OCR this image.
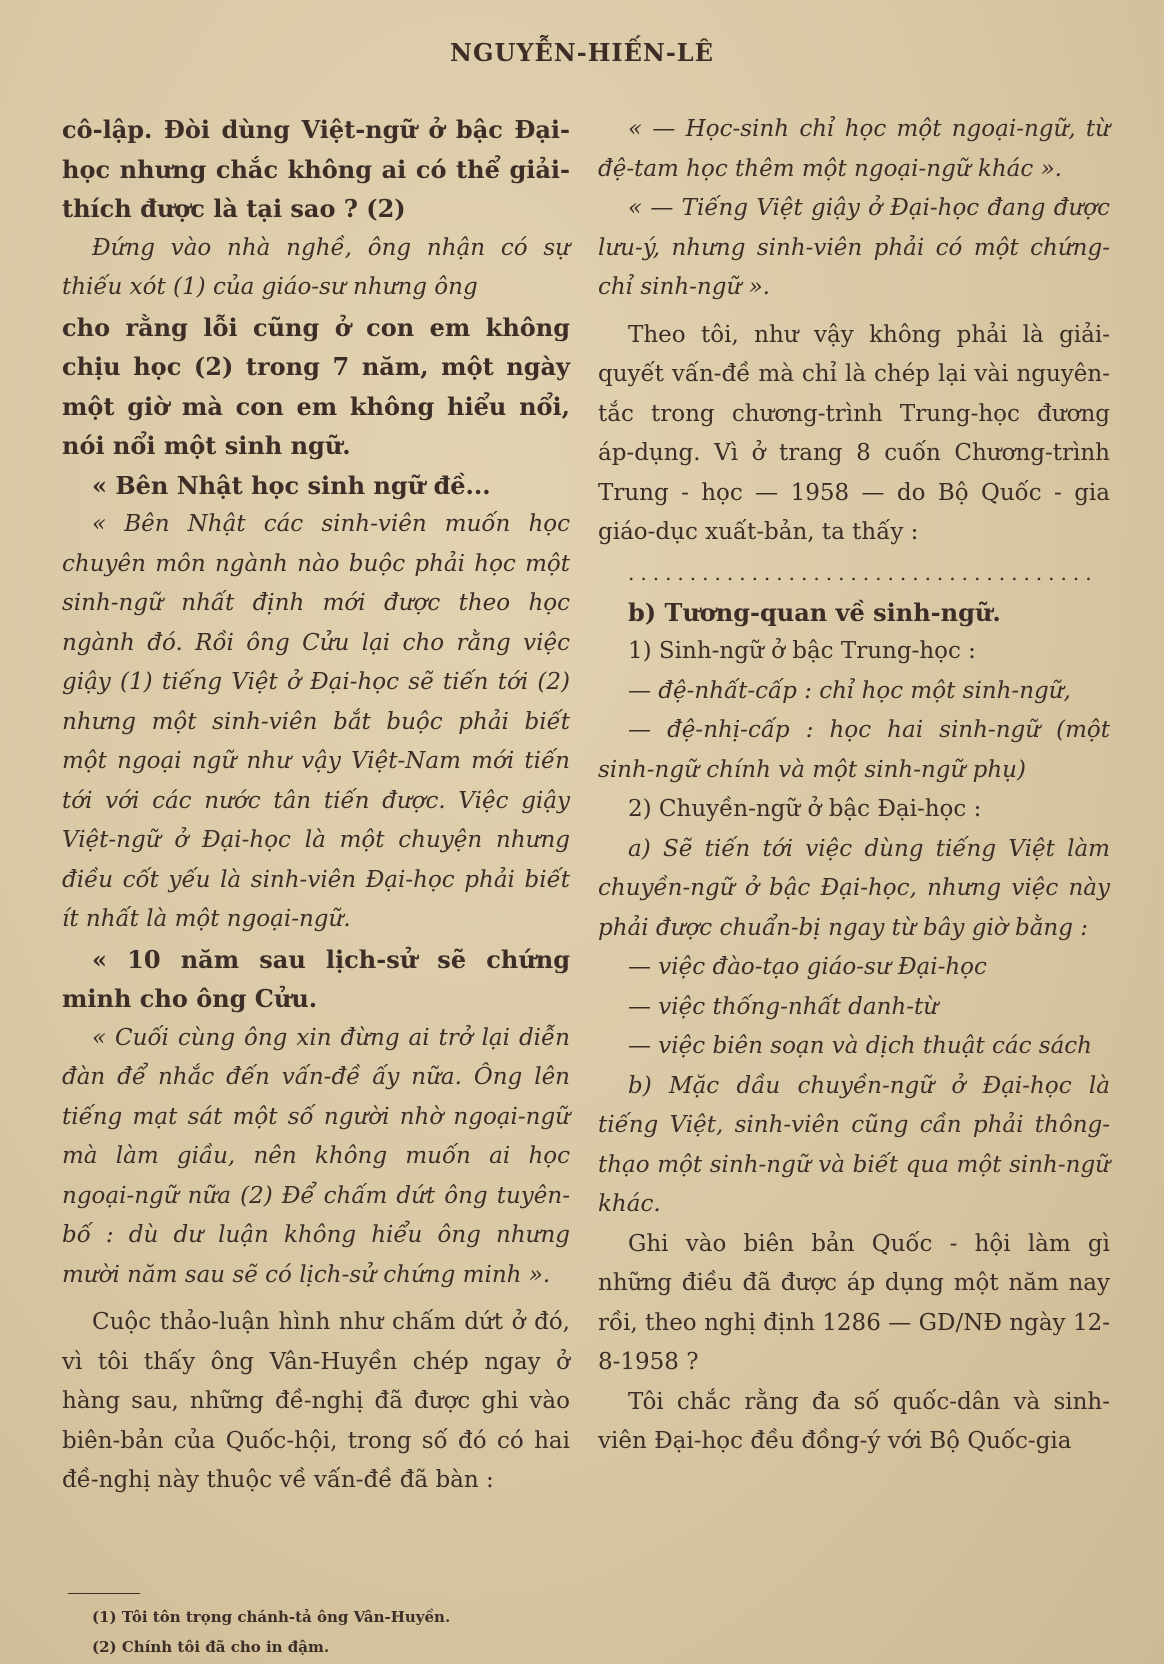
NGUYỄN-HIẾN-LÊ

cô-lập. Đòi dùng Việt-ngữ ở bậc Đại-học nhưng chắc không ai có thể giải-thích được là tại sao ? (2)

Đứng vào nhà nghề, ông nhận có sự thiếu xót (1) của giáo-sư nhưng ông

cho rằng lỗi cũng ở con em không chịu học (2) trong 7 năm, một ngày một giờ mà con em không hiểu nổi, nói nổi một sinh ngữ.

« Bên Nhật học sinh ngữ đề...

« Bên Nhật các sinh-viên muốn học chuyên môn ngành nào buộc phải học một sinh-ngữ nhất định mới được theo học ngành đó. Rồi ông Cửu lại cho rằng việc giậy (1) tiếng Việt ở Đại-học sẽ tiến tới (2) nhưng một sinh-viên bắt buộc phải biết một ngoại ngữ như vậy Việt-Nam mới tiến tới với các nước tân tiến được. Việc giậy Việt-ngữ ở Đại-học là một chuyện nhưng điều cốt yếu là sinh-viên Đại-học phải biết ít nhất là một ngoại-ngữ.

« 10 năm sau lịch-sử sẽ chứng minh cho ông Cửu.

« Cuối cùng ông xin đừng ai trở lại diễn đàn để nhắc đến vấn-đề ấy nữa. Ông lên tiếng mạt sát một số người nhờ ngoại-ngữ mà làm giầu, nên không muốn ai học ngoại-ngữ nữa (2) Để chấm dứt ông tuyên-bố : dù dư luận không hiểu ông nhưng mười năm sau sẽ có lịch-sử chứng minh ».

Cuộc thảo-luận hình như chấm dứt ở đó, vì tôi thấy ông Vân-Huyền chép ngay ở hàng sau, những đề-nghị đã được ghi vào biên-bản của Quốc-hội, trong số đó có hai đề-nghị này thuộc về vấn-đề đã bàn :

« — Học-sinh chỉ học một ngoại-ngữ, từ đệ-tam học thêm một ngoại-ngữ khác ».

« — Tiếng Việt giậy ở Đại-học đang được lưu-ý, nhưng sinh-viên phải có một chứng-chỉ sinh-ngữ ».

Theo tôi, như vậy không phải là giải-quyết vấn-đề mà chỉ là chép lại vài nguyên-tắc trong chương-trình Trung-học đương áp-dụng. Vì ở trang 8 cuốn Chương-trình Trung - học — 1958 — do Bộ Quốc - gia giáo-dục xuất-bản, ta thấy :

......................................

b) Tương-quan về sinh-ngữ.

1) Sinh-ngữ ở bậc Trung-học :

— đệ-nhất-cấp : chỉ học một sinh-ngữ,

— đệ-nhị-cấp : học hai sinh-ngữ (một sinh-ngữ chính và một sinh-ngữ phụ)

2) Chuyền-ngữ ở bậc Đại-học :

a) Sẽ tiến tới việc dùng tiếng Việt làm chuyền-ngữ ở bậc Đại-học, nhưng việc này phải được chuẩn-bị ngay từ bây giờ bằng :

— việc đào-tạo giáo-sư Đại-học

— việc thống-nhất danh-từ

— việc biên soạn và dịch thuật các sách

b) Mặc dầu chuyền-ngữ ở Đại-học là tiếng Việt, sinh-viên cũng cần phải thông-thạo một sinh-ngữ và biết qua một sinh-ngữ khác.

Ghi vào biên bản Quốc - hội làm gì những điều đã được áp dụng một năm nay rồi, theo nghị định 1286 — GD/NĐ ngày 12-8-1958 ?

Tôi chắc rằng đa số quốc-dân và sinh-viên Đại-học đều đồng-ý với Bộ Quốc-gia

(1) Tôi tôn trọng chánh-tả ông Vân-Huyền.
(2) Chính tôi đã cho in đậm.
